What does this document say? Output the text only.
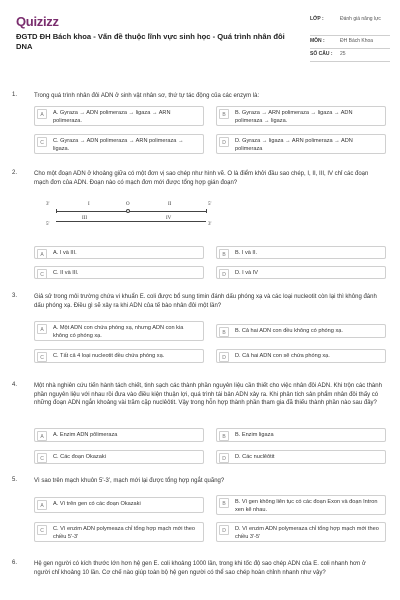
Quizizz
ĐGTD ĐH Bách khoa - Vấn đề thuộc lĩnh vực sinh học - Quá trình nhân đôi DNA
LỚP :	Đánh giá năng lực
MÔN :	ĐH Bách Khoa
SỐ CÂU :	25
1.	Trong quá trình nhân đôi ADN ở sinh vật nhân sơ, thứ tự tác động của các enzym là:
A	A. Gyraza → ADN polimeraza → ligaza → ARN polimeraza.
B	B. Gyraza → ARN polimeraza → ligaza → ADN polimeraza → ligaza.
C	C. Gyraza → ADN polimeraza → ARN polimeraza → ligaza.
D	D. Gyraza → ligaza → ARN polimeraza → ADN polimeraza
2.	Cho một đoạn ADN ở khoảng giữa có một đơn vị sao chép như hình vẽ. O là điểm khởi đầu sao chép, I, II, III, IV chỉ các đoạn mạch đơn của ADN. Đoạn nào có mạch đơn mới được tổng hợp gián đoạn?
3'	5'
5'	3'
I	II
III	IV
O
A	A. I và III.	B	B. I và II.
C	C. II và III.	D	D. I và IV
3.	Giả sử trong môi trường chứa vi khuẩn E. coli được bổ sung timin đánh dấu phóng xạ và các loại nucleotit còn lại thì không đánh dấu phóng xạ. Điều gì sẽ xảy ra khi ADN của tế bào nhân đôi một lần?
A	A. Một ADN con chứa phóng xạ, nhưng ADN con kia không có phóng xạ.
B	B. Cả hai ADN con đều không có phóng xạ.
C	C. Tất cả 4 loại nucleotit đều chứa phóng xạ.	D	D. Cả hai ADN con sẽ chứa phóng xạ.
4.	Một nhà nghiên cứu tiến hành tách chiết, tinh sạch các thành phần nguyên liệu cần thiết cho việc nhân đôi ADN. Khi trộn các thành phần nguyên liệu với nhau rồi đưa vào điều kiện thuận lợi, quá trình tái bản ADN xảy ra. Khi phân tích sản phẩm nhân đôi thấy có những đoạn ADN ngắn khoảng vài trăm cặp nuclêôtit. Vậy trong hỗn hợp thành phần tham gia đã thiếu thành phần nào sau đây?
A	A. Enzim ADN pôlimeraza	B	B. Enzim ligaza
C	C. Các đoạn Okazaki	D	D. Các nuclêôtit
5.	Vì sao trên mạch khuôn 5'-3', mạch mới lại được tổng hợp ngắt quãng?
A	A. Vì trên gen có các đoạn Okazaki	B	B. Vì gen không liên tục có các đoạn Exon và đoạn Intron xen kẽ nhau.
C	C. Vì enzim ADN polymeaza chỉ tổng hợp mạch mới theo chiều 5'-3'
D	D. Vì enzim ADN polymeraza chỉ tổng hợp mạch mới theo chiều 3'-5'
6.	Hệ gen người có kích thước lớn hơn hệ gen E. coli khoảng 1000 lần, trong khi tốc độ sao chép ADN của E. coli nhanh hơn ở người chỉ khoảng 10 lần. Cơ chế nào giúp toàn bộ hệ gen người có thể sao chép hoàn chỉnh nhanh như vậy?
